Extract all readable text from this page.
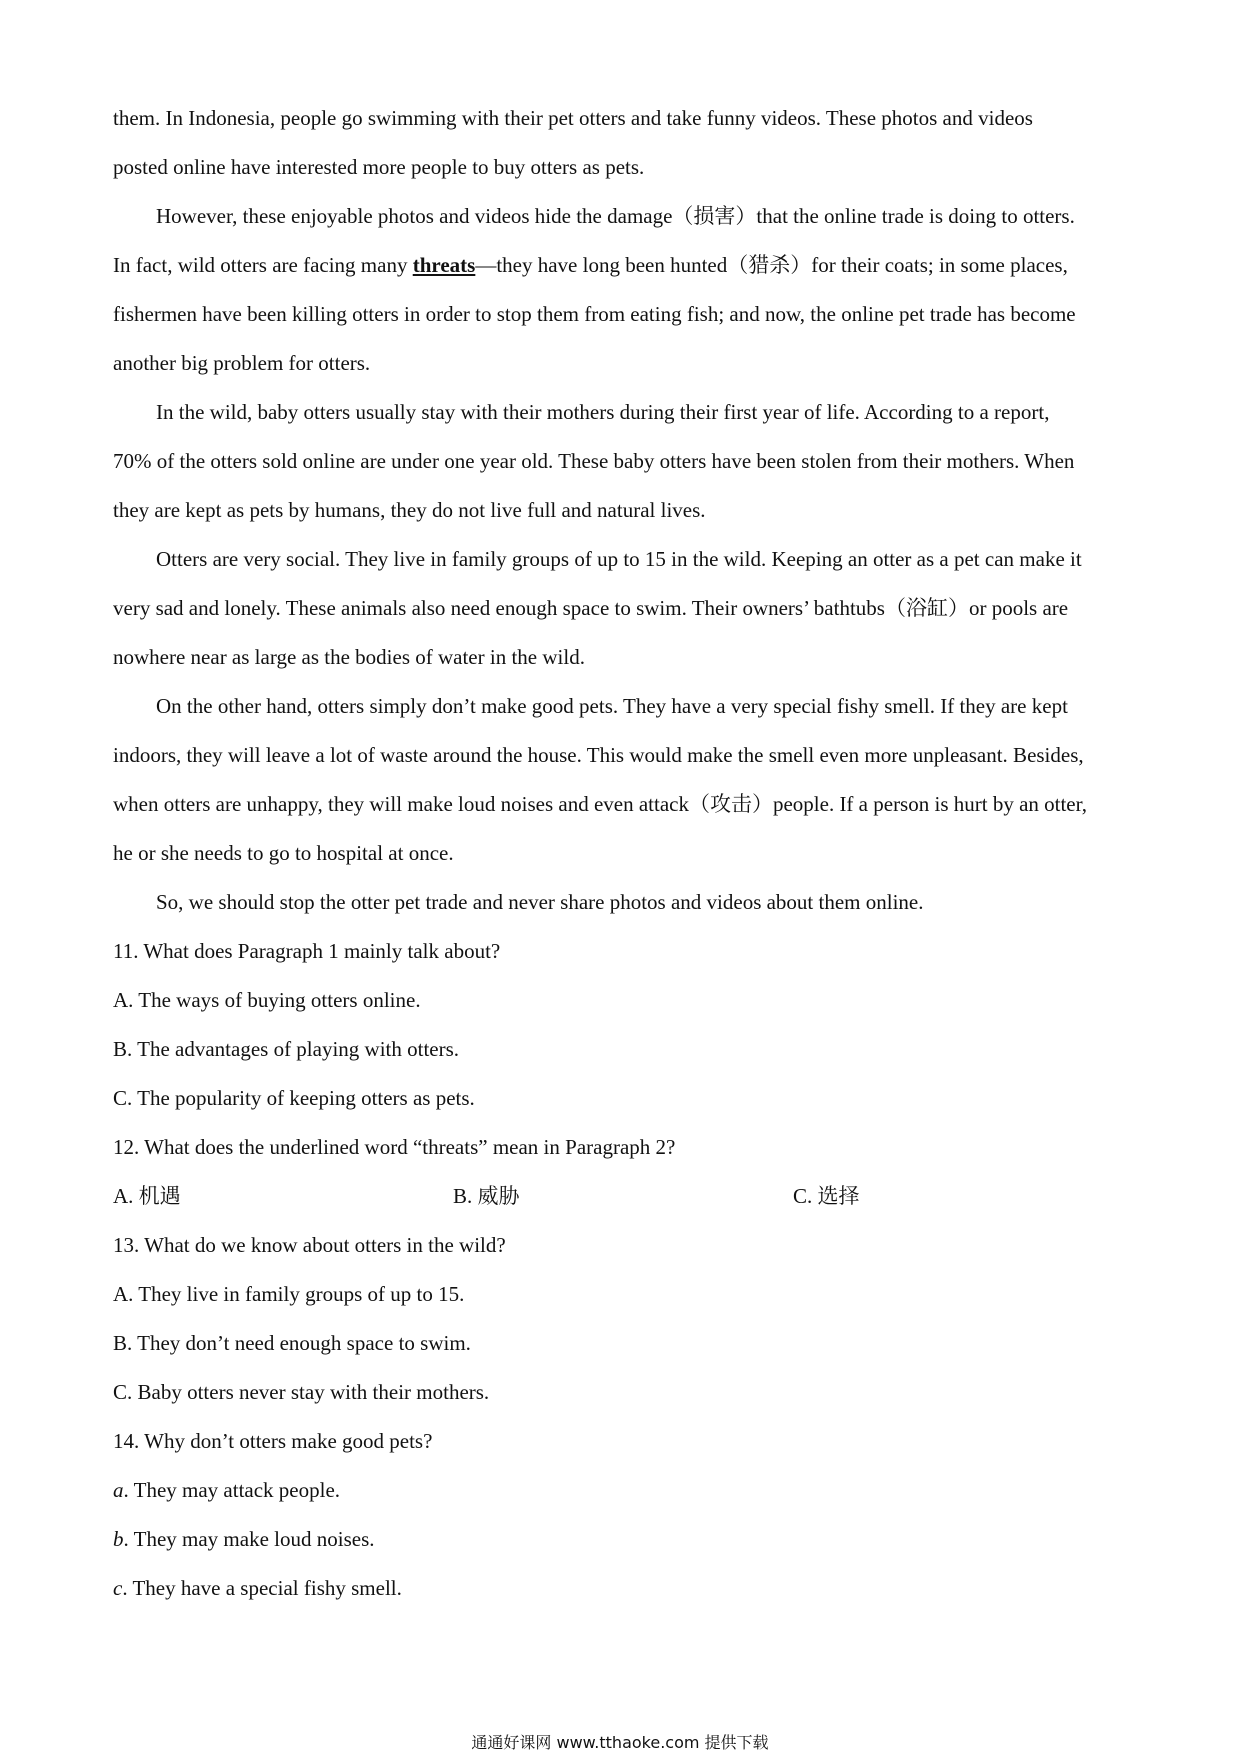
them. In Indonesia, people go swimming with their pet otters and take funny videos. These photos and videos
posted online have interested more people to buy otters as pets.
However, these enjoyable photos and videos hide the damage（损害）that the online trade is doing to otters.
In fact, wild otters are facing many threats—they have long been hunted（猎杀）for their coats; in some places,
fishermen have been killing otters in order to stop them from eating fish; and now, the online pet trade has become
another big problem for otters.
In the wild, baby otters usually stay with their mothers during their first year of life. According to a report,
70% of the otters sold online are under one year old. These baby otters have been stolen from their mothers. When
they are kept as pets by humans, they do not live full and natural lives.
Otters are very social. They live in family groups of up to 15 in the wild. Keeping an otter as a pet can make it
very sad and lonely. These animals also need enough space to swim. Their owners’ bathtubs（浴缸）or pools are
nowhere near as large as the bodies of water in the wild.
On the other hand, otters simply don’t make good pets. They have a very special fishy smell. If they are kept
indoors, they will leave a lot of waste around the house. This would make the smell even more unpleasant. Besides,
when otters are unhappy, they will make loud noises and even attack（攻击）people. If a person is hurt by an otter,
he or she needs to go to hospital at once.
So, we should stop the otter pet trade and never share photos and videos about them online.
11. What does Paragraph 1 mainly talk about?
A. The ways of buying otters online.
B. The advantages of playing with otters.
C. The popularity of keeping otters as pets.
12. What does the underlined word “threats” mean in Paragraph 2?
A. 机遇	B. 威胁	C. 选择
13. What do we know about otters in the wild?
A. They live in family groups of up to 15.
B. They don’t need enough space to swim.
C. Baby otters never stay with their mothers.
14. Why don’t otters make good pets?
a. They may attack people.
b. They may make loud noises.
c. They have a special fishy smell.
通通好课网 www.tthaoke.com 提供下载
